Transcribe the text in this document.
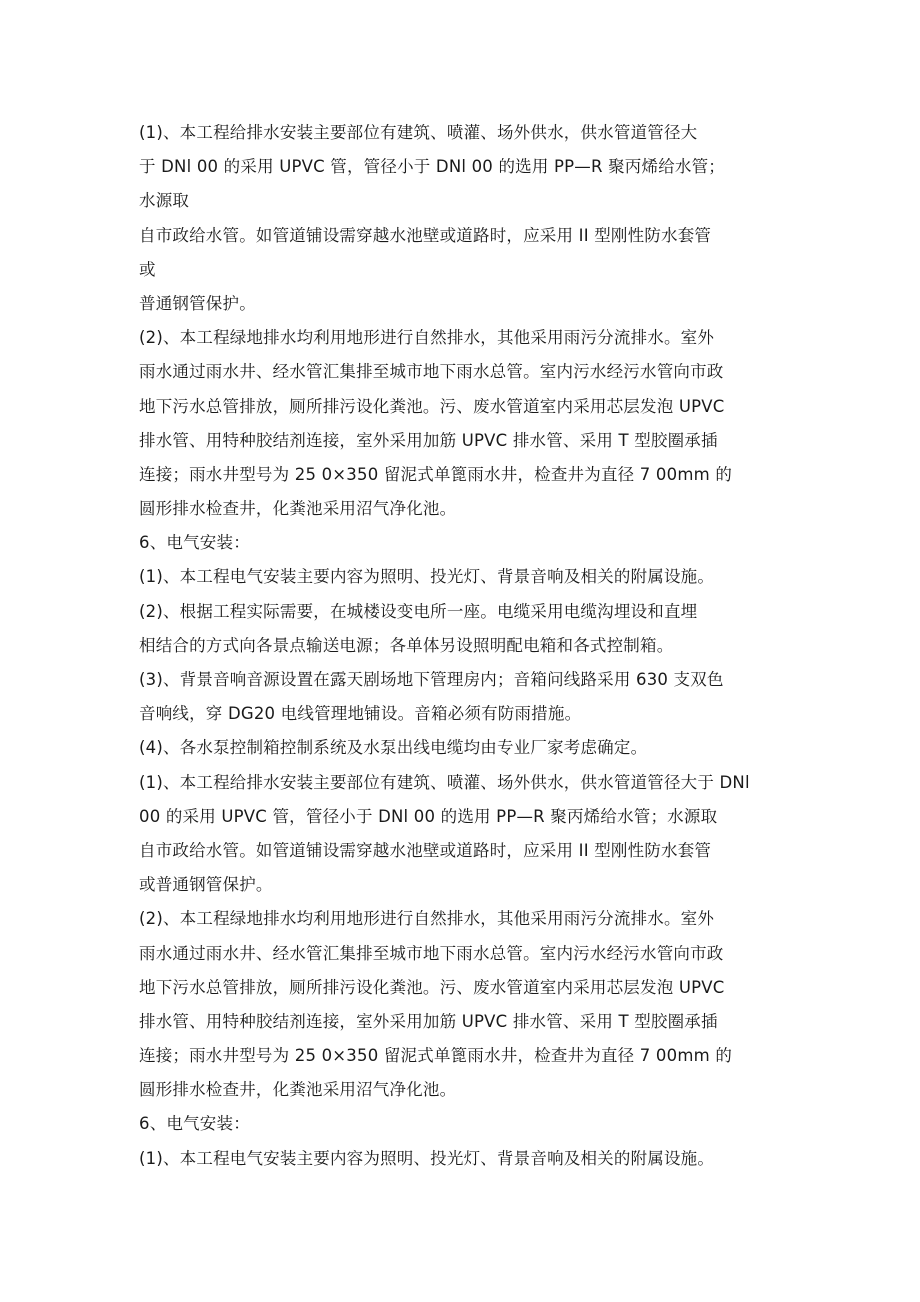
(1)、本工程给排水安装主要部位有建筑、喷灌、场外供水，供水管道管径大
于 DNl 00 的采用 UPVC 管，管径小于 DNl 00 的选用 PP—R 聚丙烯给水管；
水源取
自市政给水管。如管道铺设需穿越水池壁或道路时，应采用 II 型刚性防水套管
或
普通钢管保护。
(2)、本工程绿地排水均利用地形进行自然排水，其他采用雨污分流排水。室外
雨水通过雨水井、经水管汇集排至城市地下雨水总管。室内污水经污水管向市政
地下污水总管排放，厕所排污设化粪池。污、废水管道室内采用芯层发泡 UPVC
排水管、用特种胶结剂连接，室外采用加筋 UPVC 排水管、采用 T 型胶圈承插
连接；雨水井型号为 25 0×350 留泥式单篦雨水井，检查井为直径 7 00mm 的
圆形排水检查井，化粪池采用沼气净化池。
6、电气安装：
(1)、本工程电气安装主要内容为照明、投光灯、背景音响及相关的附属设施。
(2)、根据工程实际需要，在城楼设变电所一座。电缆采用电缆沟埋设和直埋
相结合的方式向各景点输送电源；各单体另设照明配电箱和各式控制箱。
(3)、背景音响音源设置在露天剧场地下管理房内；音箱问线路采用 630 支双色
音响线，穿 DG20 电线管理地铺设。音箱必须有防雨措施。
(4)、各水泵控制箱控制系统及水泵出线电缆均由专业厂家考虑确定。
(1)、本工程给排水安装主要部位有建筑、喷灌、场外供水，供水管道管径大于 DNl
00 的采用 UPVC 管，管径小于 DNl 00 的选用 PP—R 聚丙烯给水管；水源取
自市政给水管。如管道铺设需穿越水池壁或道路时，应采用 II 型刚性防水套管
或普通钢管保护。
(2)、本工程绿地排水均利用地形进行自然排水，其他采用雨污分流排水。室外
雨水通过雨水井、经水管汇集排至城市地下雨水总管。室内污水经污水管向市政
地下污水总管排放，厕所排污设化粪池。污、废水管道室内采用芯层发泡 UPVC
排水管、用特种胶结剂连接，室外采用加筋 UPVC 排水管、采用 T 型胶圈承插
连接；雨水井型号为 25 0×350 留泥式单篦雨水井，检查井为直径 7 00mm 的
圆形排水检查井，化粪池采用沼气净化池。
6、电气安装：
(1)、本工程电气安装主要内容为照明、投光灯、背景音响及相关的附属设施。
